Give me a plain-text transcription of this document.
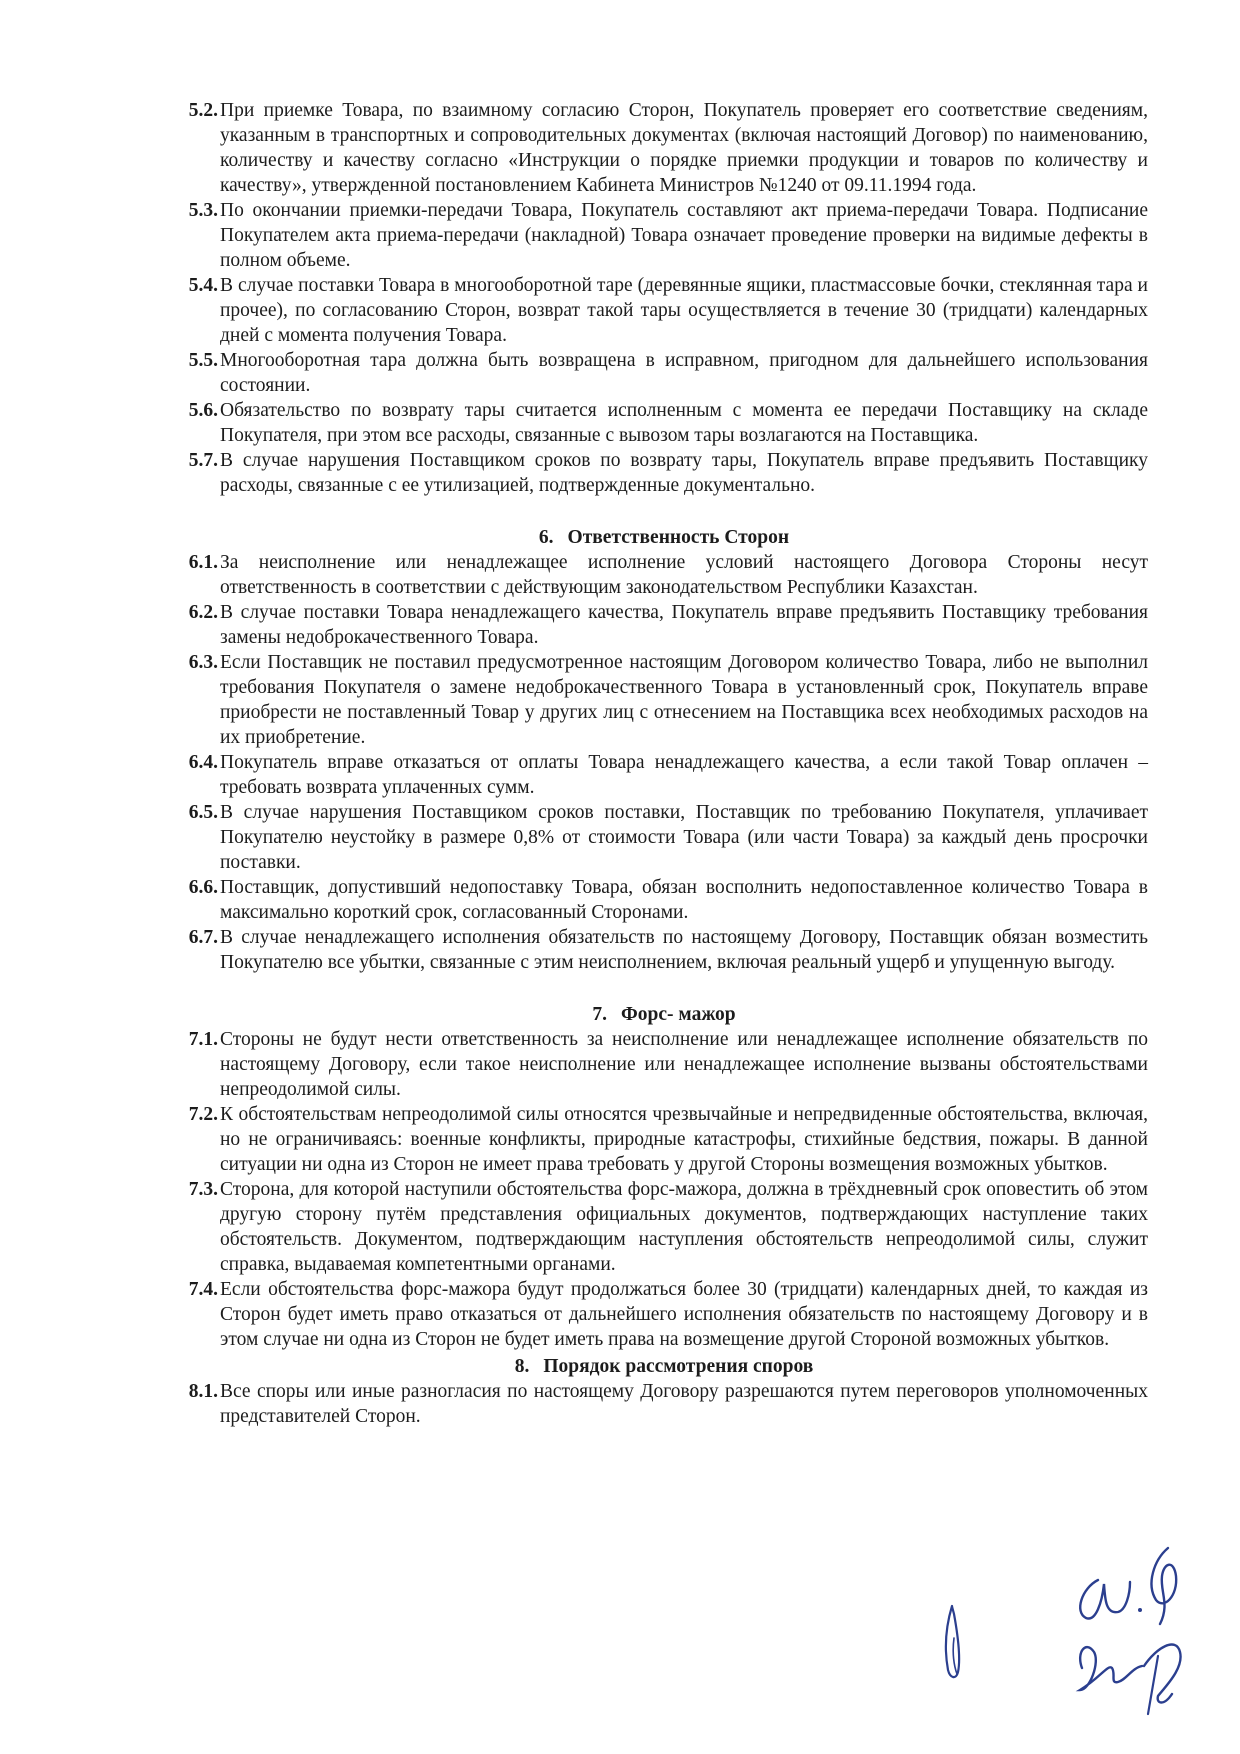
5.2. При приемке Товара, по взаимному согласию Сторон, Покупатель проверяет его соответствие сведениям, указанным в транспортных и сопроводительных документах (включая настоящий Договор) по наименованию, количеству и качеству согласно «Инструкции о порядке приемки продукции и товаров по количеству и качеству», утвержденной постановлением Кабинета Министров №1240 от 09.11.1994 года.
5.3. По окончании приемки-передачи Товара, Покупатель составляют акт приема-передачи Товара. Подписание Покупателем акта приема-передачи (накладной) Товара означает проведение проверки на видимые дефекты в полном объеме.
5.4. В случае поставки Товара в многооборотной таре (деревянные ящики, пластмассовые бочки, стеклянная тара и прочее), по согласованию Сторон, возврат такой тары осуществляется в течение 30 (тридцати) календарных дней с момента получения Товара.
5.5. Многооборотная тара должна быть возвращена в исправном, пригодном для дальнейшего использования состоянии.
5.6. Обязательство по возврату тары считается исполненным с момента ее передачи Поставщику на складе Покупателя, при этом все расходы, связанные с вывозом тары возлагаются на Поставщика.
5.7. В случае нарушения Поставщиком сроков по возврату тары, Покупатель вправе предъявить Поставщику расходы, связанные с ее утилизацией, подтвержденные документально.
6. Ответственность Сторон
6.1. За неисполнение или ненадлежащее исполнение условий настоящего Договора Стороны несут ответственность в соответствии с действующим законодательством Республики Казахстан.
6.2. В случае поставки Товара ненадлежащего качества, Покупатель вправе предъявить Поставщику требования замены недоброкачественного Товара.
6.3. Если Поставщик не поставил предусмотренное настоящим Договором количество Товара, либо не выполнил требования Покупателя о замене недоброкачественного Товара в установленный срок, Покупатель вправе приобрести не поставленный Товар у других лиц с отнесением на Поставщика всех необходимых расходов на их приобретение.
6.4. Покупатель вправе отказаться от оплаты Товара ненадлежащего качества, а если такой Товар оплачен – требовать возврата уплаченных сумм.
6.5. В случае нарушения Поставщиком сроков поставки, Поставщик по требованию Покупателя, уплачивает Покупателю неустойку в размере 0,8% от стоимости Товара (или части Товара) за каждый день просрочки поставки.
6.6. Поставщик, допустивший недопоставку Товара, обязан восполнить недопоставленное количество Товара в максимально короткий срок, согласованный Сторонами.
6.7. В случае ненадлежащего исполнения обязательств по настоящему Договору, Поставщик обязан возместить Покупателю все убытки, связанные с этим неисполнением, включая реальный ущерб и упущенную выгоду.
7. Форс- мажор
7.1. Стороны не будут нести ответственность за неисполнение или ненадлежащее исполнение обязательств по настоящему Договору, если такое неисполнение или ненадлежащее исполнение вызваны обстоятельствами непреодолимой силы.
7.2. К обстоятельствам непреодолимой силы относятся чрезвычайные и непредвиденные обстоятельства, включая, но не ограничиваясь: военные конфликты, природные катастрофы, стихийные бедствия, пожары. В данной ситуации ни одна из Сторон не имеет права требовать у другой Стороны возмещения возможных убытков.
7.3. Сторона, для которой наступили обстоятельства форс-мажора, должна в трёхдневный срок оповестить об этом другую сторону путём представления официальных документов, подтверждающих наступление таких обстоятельств. Документом, подтверждающим наступления обстоятельств непреодолимой силы, служит справка, выдаваемая компетентными органами.
7.4. Если обстоятельства форс-мажора будут продолжаться более 30 (тридцати) календарных дней, то каждая из Сторон будет иметь право отказаться от дальнейшего исполнения обязательств по настоящему Договору и в этом случае ни одна из Сторон не будет иметь права на возмещение другой Стороной возможных убытков.
8. Порядок рассмотрения споров
8.1. Все споры или иные разногласия по настоящему Договору разрешаются путем переговоров уполномоченных представителей Сторон.
